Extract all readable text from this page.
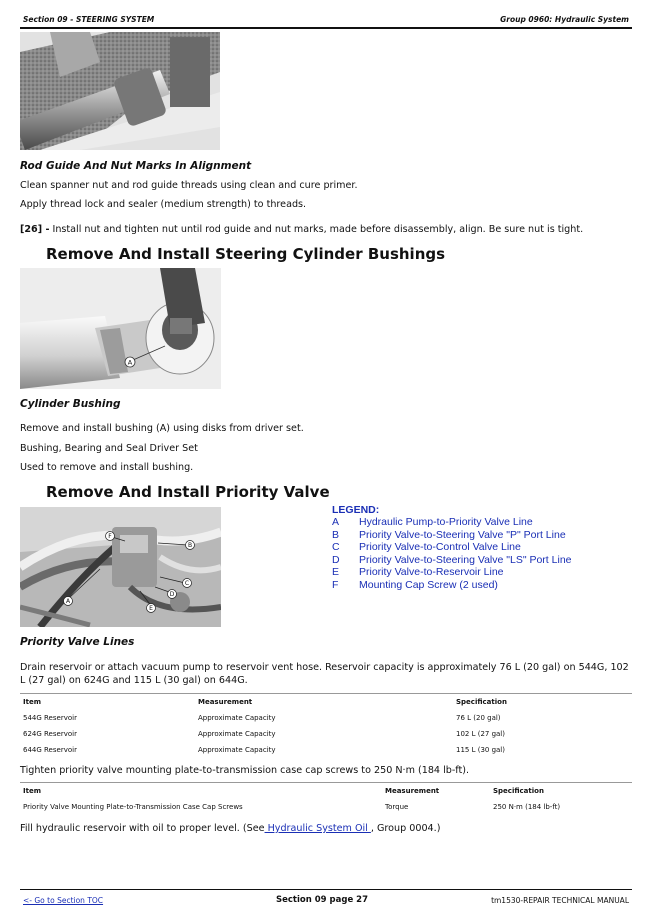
Section 09 - STEERING SYSTEM	Group 0960: Hydraulic System
Rod Guide And Nut Marks In Alignment
Clean spanner nut and rod guide threads using clean and cure primer.
Apply thread lock and sealer (medium strength) to threads.
[26] - Install nut and tighten nut until rod guide and nut marks, made before disassembly, align. Be sure nut is tight.
Remove And Install Steering Cylinder Bushings
A
Cylinder Bushing
Remove and install bushing (A) using disks from driver set.
Bushing, Bearing and Seal Driver Set
Used to remove and install bushing.
Remove And Install Priority Valve
A
B
C
D
E
F
LEGEND:
A	Hydraulic Pump-to-Priority Valve Line
B	Priority Valve-to-Steering Valve "P" Port Line
C	Priority Valve-to-Control Valve Line
D	Priority Valve-to-Steering Valve "LS" Port Line
E	Priority Valve-to-Reservoir Line
F	Mounting Cap Screw (2 used)
Priority Valve Lines
Drain reservoir or attach vacuum pump to reservoir vent hose. Reservoir capacity is approximately 76 L (20 gal) on 544G, 102
L (27 gal) on 624G and 115 L (30 gal) on 644G.
Item	Measurement	Specification
544G Reservoir	Approximate Capacity	76 L (20 gal)
624G Reservoir	Approximate Capacity	102 L (27 gal)
644G Reservoir	Approximate Capacity	115 L (30 gal)
Tighten priority valve mounting plate-to-transmission case cap screws to 250 N·m (184 lb-ft).
Item	Measurement	Specification
Priority Valve Mounting Plate-to-Transmission Case Cap Screws	Torque	250 N·m (184 lb-ft)
Fill hydraulic reservoir with oil to proper level. (See Hydraulic System Oil , Group 0004.)
<- Go to Section TOC	Section 09 page 27	tm1530-REPAIR TECHNICAL MANUAL
